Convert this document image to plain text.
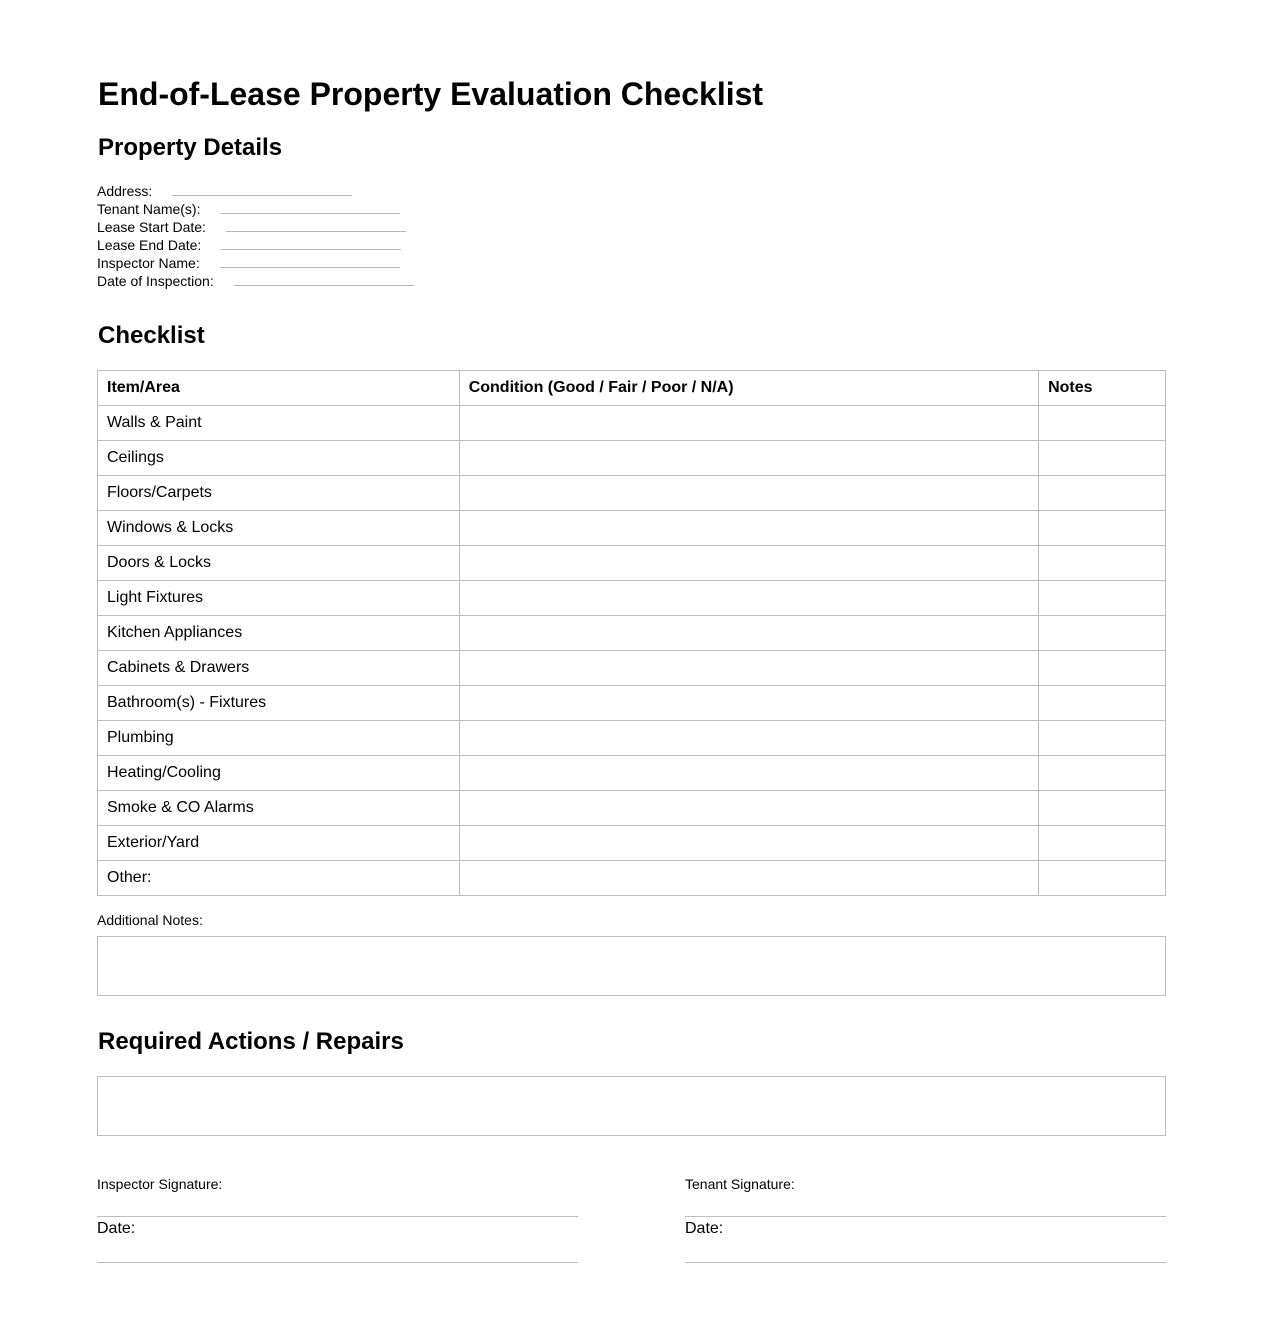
End-of-Lease Property Evaluation Checklist
Property Details
Address:
Tenant Name(s):
Lease Start Date:
Lease End Date:
Inspector Name:
Date of Inspection:
Checklist
Item/Area	Condition (Good / Fair / Poor / N/A)	Notes
Walls & Paint		
Ceilings		
Floors/Carpets		
Windows & Locks		
Doors & Locks		
Light Fixtures		
Kitchen Appliances		
Cabinets & Drawers		
Bathroom(s) - Fixtures		
Plumbing		
Heating/Cooling		
Smoke & CO Alarms		
Exterior/Yard		
Other:		
Additional Notes:
Required Actions / Repairs
Inspector Signature:
Date:
Tenant Signature:
Date:
